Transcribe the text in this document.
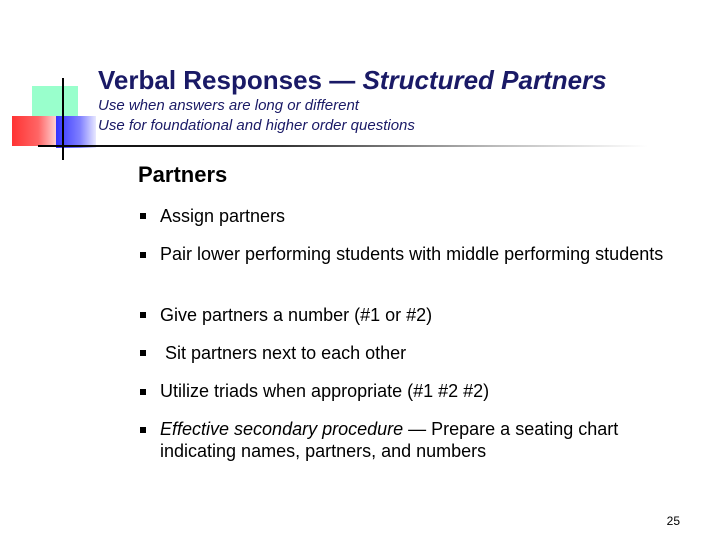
Verbal Responses — Structured Partners

Use when answers are long or different

Use for foundational and higher order questions

Partners

Assign partners

Pair lower performing students with middle performing students

Give partners a number (#1 or #2)

Sit partners next to each other

Utilize triads when appropriate (#1 #2 #2)

Effective secondary procedure — Prepare a seating chart indicating names, partners, and numbers

25
